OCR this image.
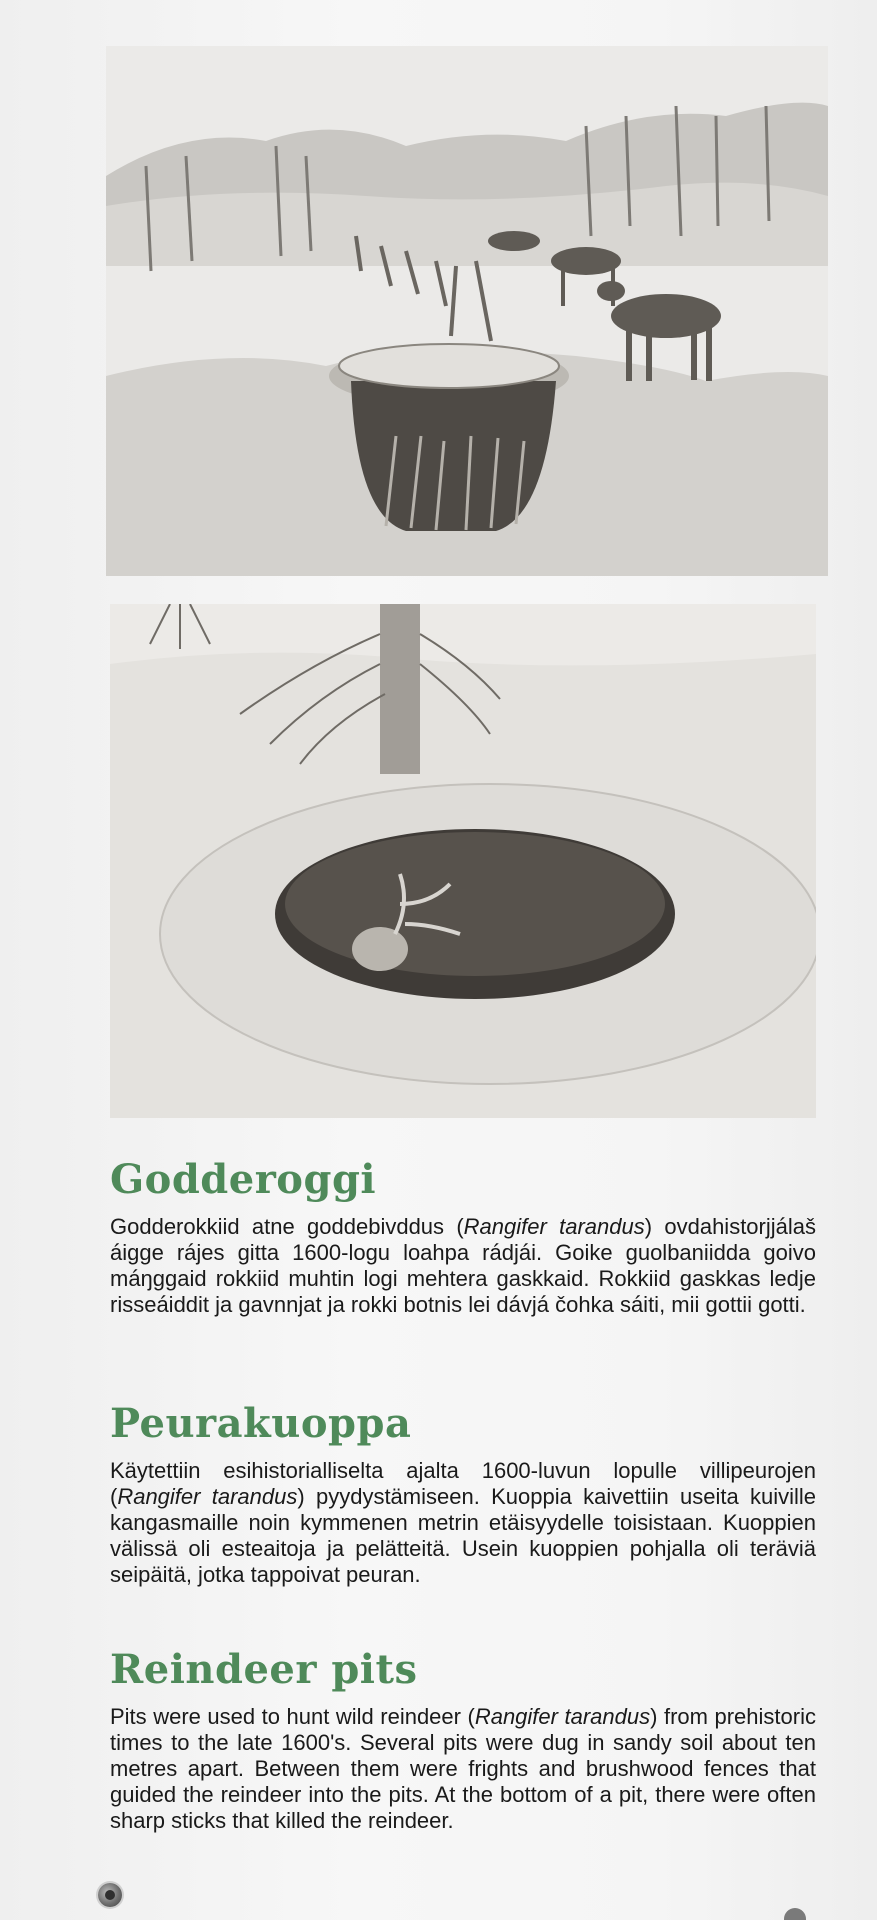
Godderoggi

Godderokkiid atne goddebivddus (Rangifer tarandus) ovdahistorjjálaš áigge rájes gitta 1600-logu loahpa rádjái. Goike guolbaniidda goivo máŋggaid rokkiid muhtin logi mehtera gaskkaid. Rokkiid gaskkas ledje risseáiddit ja gavnnjat ja rokki botnis lei dávjá čohka sáiti, mii gottii gotti.

Peurakuoppa

Käytettiin esihistorialliselta ajalta 1600-luvun lopulle villipeurojen (Rangifer tarandus) pyydystämiseen. Kuoppia kaivettiin useita kuiville kangasmaille noin kymmenen metrin etäisyydelle toisistaan. Kuoppien välissä oli esteaitoja ja pelätteitä. Usein kuoppien pohjalla oli teräviä seipäitä, jotka tappoivat peuran.

Reindeer pits

Pits were used to hunt wild reindeer (Rangifer tarandus) from prehistoric times to the late 1600's. Several pits were dug in sandy soil about ten metres apart. Between them were frights and brushwood fences that guided the reindeer into the pits. At the bottom of a pit, there were often sharp sticks that killed the reindeer.
